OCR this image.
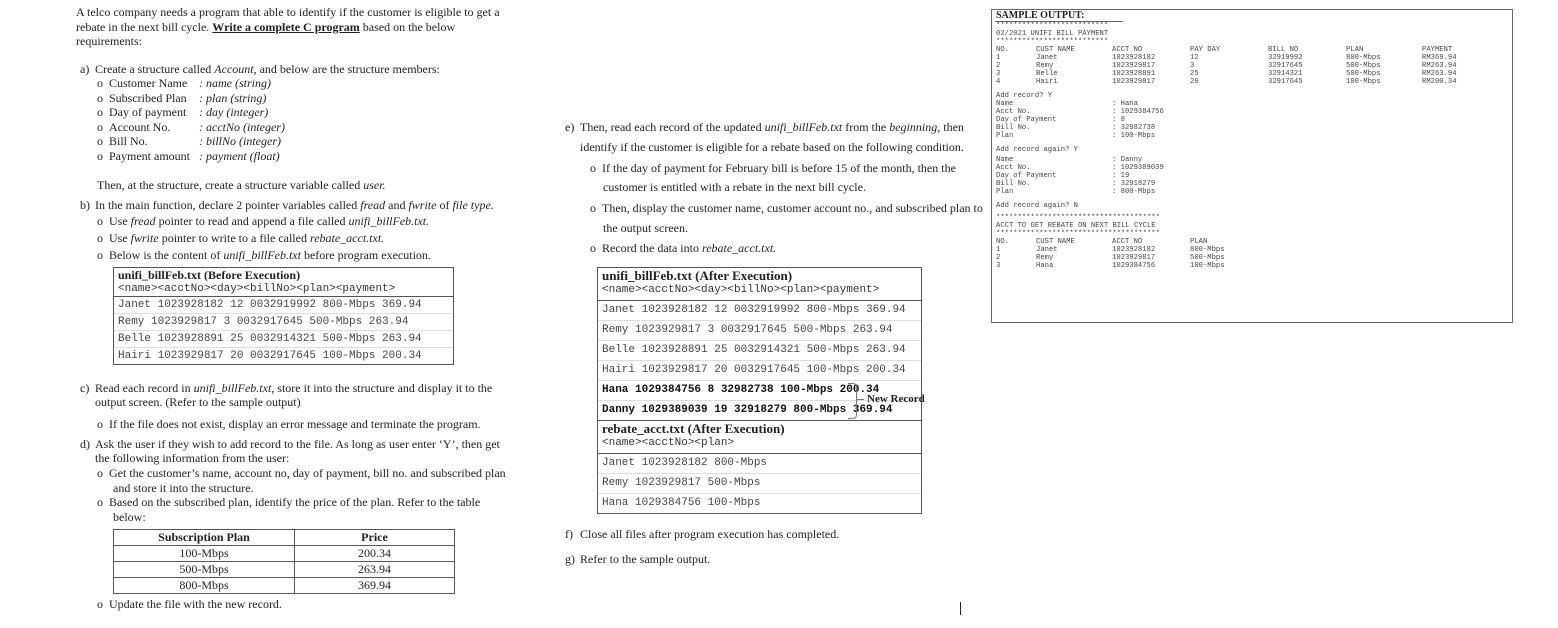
A telco company needs a program that able to identify if the customer is eligible to get a
rebate in the next bill cycle. Write a complete C program based on the below
requirements:
a) Create a structure called Account, and below are the structure members:
o Customer Name : name (string)
o Subscribed Plan : plan (string)
o Day of payment : day (integer)
o Account No. : acctNo (integer)
o Bill No.	: billNo (integer)
o Payment amount : payment (float)
Then, at the structure, create a structure variable called user.
b) In the main function, declare 2 pointer variables called fread and fwrite of file type.
o Use fread pointer to read and append a file called unifi_billFeb.txt.
o Use fwrite pointer to write to a file called rebate_acct.txt.
o Below is the content of unifi_billFeb.txt before program execution.
unifi_billFeb.txt (Before Execution)
<name><acctNo><day><billNo><plan><payment>

Janet 1023928182 12 0032919992 800-Mbps 369.94
Remy 1023929817 3 0032917645 500-Mbps 263.94
Belle 1023928891 25 0032914321 500-Mbps 263.94
Hairi 1023929817 20 0032917645 100-Mbps 200.34
c) Read each record in unifi_billFeb.txt, store it into the structure and display it to the
output screen. (Refer to the sample output)
o If the file does not exist, display an error message and terminate the program.
d) Ask the user if they wish to add record to the file. As long as user enter ‘Y’, then get
the following information from the user:
o Get the customer’s name, account no, day of payment, bill no. and subscribed plan
and store it into the structure.
o Based on the subscribed plan, identify the price of the plan. Refer to the table
below:
Subscription Plan	Price
100-Mbps	200.34
500-Mbps	263.94
800-Mbps	369.94
o Update the file with the new record.
e) Then, read each record of the updated unifi_billFeb.txt from the beginning, then
identify if the customer is eligible for a rebate based on the following condition.
o If the day of payment for February bill is before 15 of the month, then the
customer is entitled with a rebate in the next bill cycle.
o Then, display the customer name, customer account no., and subscribed plan to
the output screen.
o Record the data into rebate_acct.txt.
unifi_billFeb.txt (After Execution)
<name><acctNo><day><billNo><plan><payment>

Janet 1023928182 12 0032919992 800-Mbps 369.94
Remy 1023929817 3 0032917645 500-Mbps 263.94
Belle 1023928891 25 0032914321 500-Mbps 263.94
Hairi 1023929817 20 0032917645 100-Mbps 200.34
Hana 1029384756 8 32982738 100-Mbps 200.34
Danny 1029389039 19 32918279 800-Mbps 369.94

rebate_acct.txt (After Execution)
<name><acctNo><plan>

Janet 1023928182 800-Mbps
Remy 1023929817 500-Mbps
Hana 1029384756 100-Mbps
New Record
f) Close all files after program execution has completed.
g) Refer to the sample output.
SAMPLE OUTPUT:
**************************
02/2021 UNIFI BILL PAYMENT
**************************
NO.	CUST NAME	ACCT NO	PAY DAY	BILL NO	PLAN	PAYMENT
1	Janet	1023928182	12	32919992	800-Mbps	RM369.94
2	Remy	1023929817	3	32917645	500-Mbps	RM263.94
3	Belle	1023928891	25	32914321	500-Mbps	RM263.94
4	Hairi	1023929817	20	32917645	100-Mbps	RM200.34
Add record? Y
Name	: Hana
Acct No.	: 1029384756
Day of Payment	: 8
Bill No.	: 32982738
Plan	: 100-Mbps
Add record again? Y
Name	: Danny
Acct No.	: 1029389039
Day of Payment	: 19
Bill No.	: 32918279
Plan	: 800-Mbps
Add record again? N
**************************************
ACCT TO GET REBATE ON NEXT BILL CYCLE
**************************************
NO.	CUST NAME	ACCT NO	PLAN
1	Janet	1023928182	800-Mbps
2	Remy	1023929817	500-Mbps
3	Hana	1029384756	100-Mbps
